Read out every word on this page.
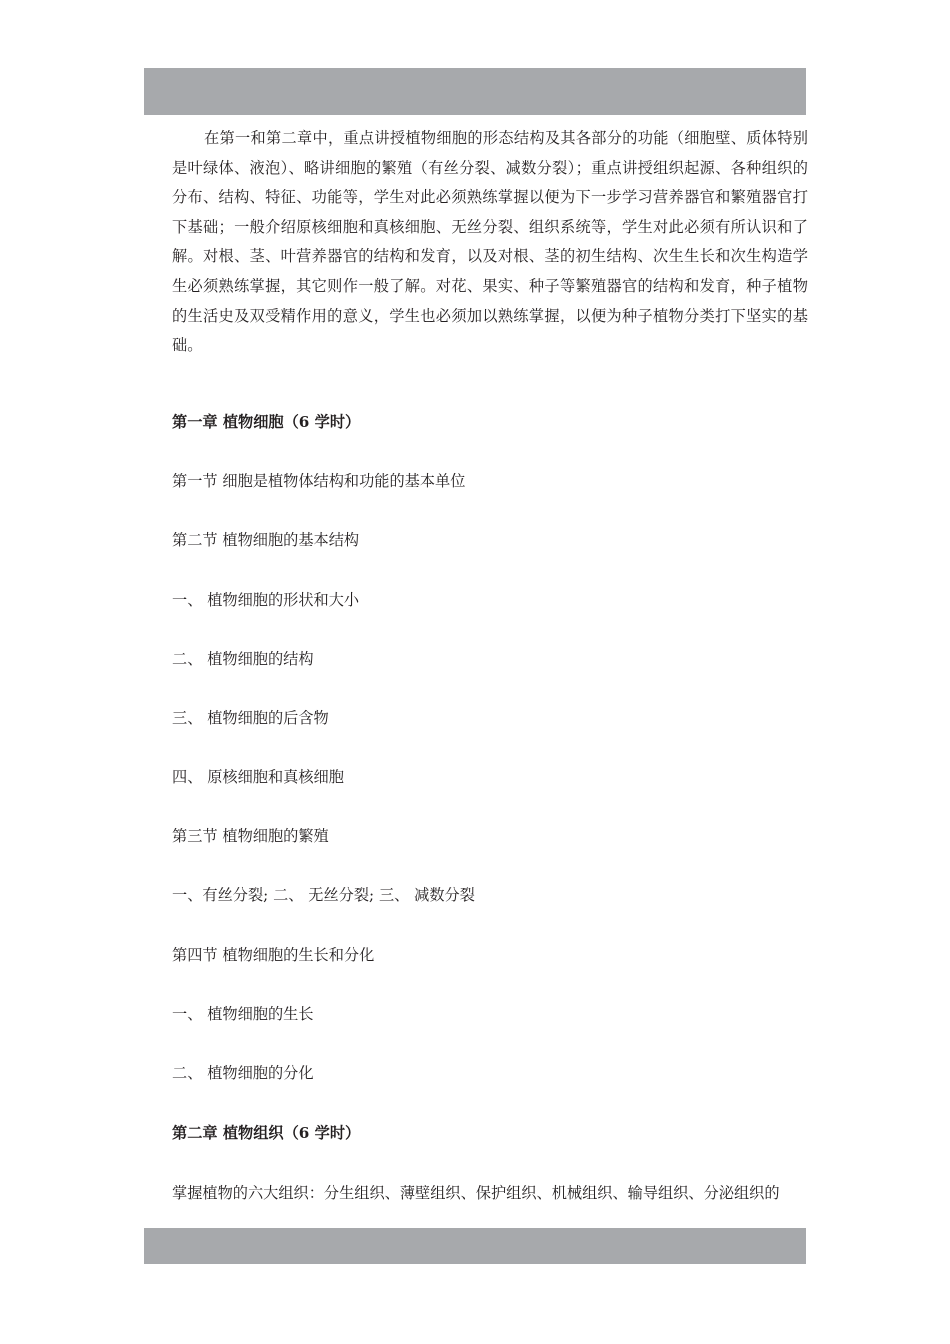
在第一和第二章中，重点讲授植物细胞的形态结构及其各部分的功能（细胞壁、质体特别是叶绿体、液泡）、略讲细胞的繁殖（有丝分裂、减数分裂）；重点讲授组织起源、各种组织的分布、结构、特征、功能等，学生对此必须熟练掌握以便为下一步学习营养器官和繁殖器官打下基础；一般介绍原核细胞和真核细胞、无丝分裂、组织系统等，学生对此必须有所认识和了解。对根、茎、叶营养器官的结构和发育，以及对根、茎的初生结构、次生生长和次生构造学生必须熟练掌握，其它则作一般了解。对花、果实、种子等繁殖器官的结构和发育，种子植物的生活史及双受精作用的意义，学生也必须加以熟练掌握，以便为种子植物分类打下坚实的基础。

第一章 植物细胞（6 学时）
第一节 细胞是植物体结构和功能的基本单位
第二节 植物细胞的基本结构
一、 植物细胞的形状和大小
二、 植物细胞的结构
三、 植物细胞的后含物
四、 原核细胞和真核细胞
第三节 植物细胞的繁殖
一、有丝分裂; 二、 无丝分裂; 三、 减数分裂
第四节 植物细胞的生长和分化
一、 植物细胞的生长
二、 植物细胞的分化
第二章 植物组织（6 学时）
掌握植物的六大组织：分生组织、薄壁组织、保护组织、机械组织、输导组织、分泌组织的
